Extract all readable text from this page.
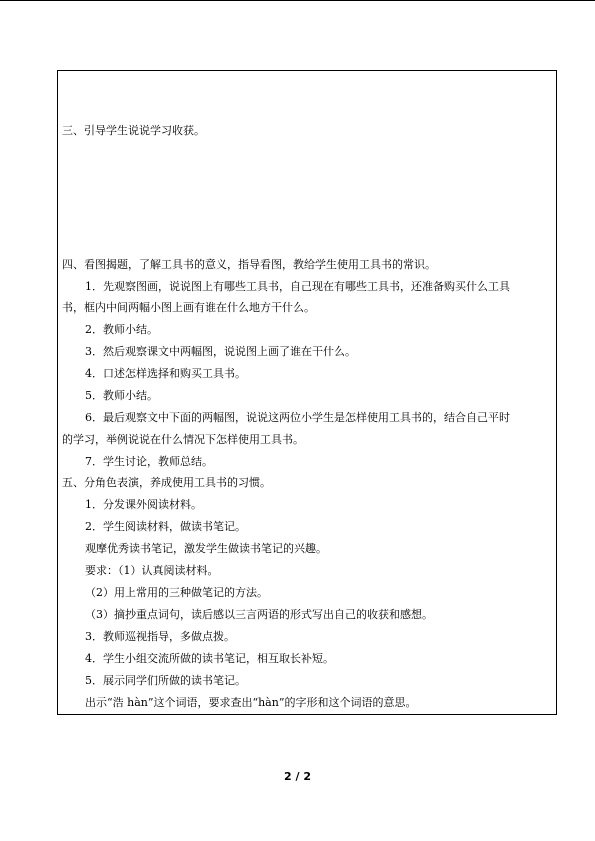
三、引导学生说说学习收获。
四、看图揭题，了解工具书的意义，指导看图，教给学生使用工具书的常识。
1．先观察图画，说说图上有哪些工具书，自己现在有哪些工具书，还准备购买什么工具
书，框内中间两幅小图上画有谁在什么地方干什么。
2．教师小结。
3．然后观察课文中两幅图，说说图上画了谁在干什么。
4．口述怎样选择和购买工具书。
5．教师小结。
6．最后观察文中下面的两幅图，说说这两位小学生是怎样使用工具书的，结合自己平时
的学习，举例说说在什么情况下怎样使用工具书。
7．学生讨论，教师总结。
五、分角色表演，养成使用工具书的习惯。
1．分发课外阅读材料。
2．学生阅读材料，做读书笔记。
观摩优秀读书笔记，激发学生做读书笔记的兴趣。
要求：（1）认真阅读材料。
（2）用上常用的三种做笔记的方法。
（3）摘抄重点词句，读后感以三言两语的形式写出自己的收获和感想。
3．教师巡视指导，多做点拨。
4．学生小组交流所做的读书笔记，相互取长补短。
5．展示同学们所做的读书笔记。
出示“浩 hàn”这个词语，要求查出“hàn”的字形和这个词语的意思。
2 / 2
